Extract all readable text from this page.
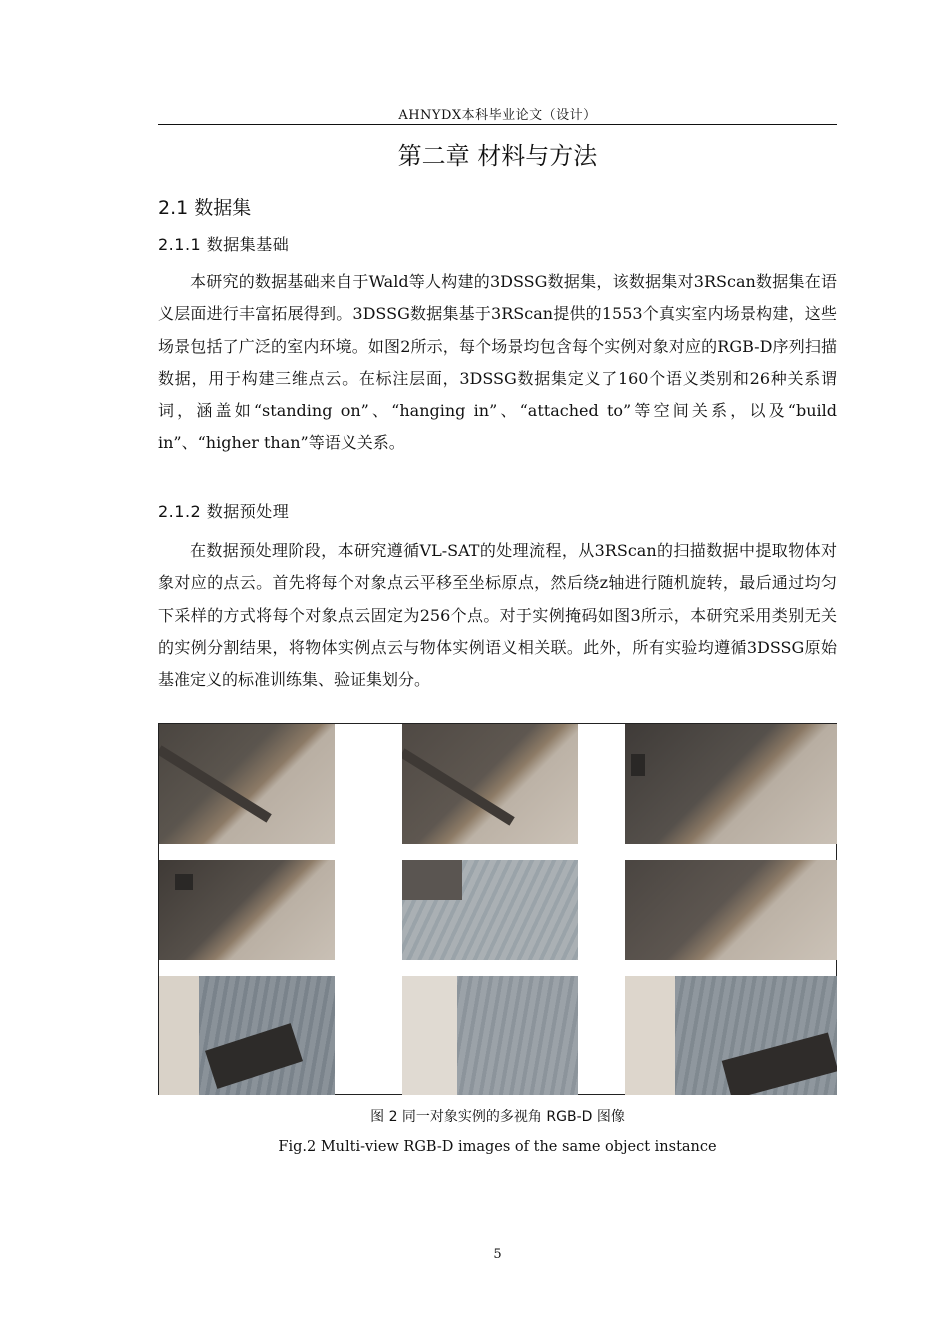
AHNYDX本科毕业论文（设计）
第二章 材料与方法
2.1 数据集
2.1.1 数据集基础

本研究的数据基础来自于Wald等人构建的3DSSG数据集，该数据集对3RScan数据集在语义层面进行丰富拓展得到。3DSSG数据集基于3RScan提供的1553个真实室内场景构建，这些场景包括了广泛的室内环境。如图2所示，每个场景均包含每个实例对象对应的RGB-D序列扫描数据，用于构建三维点云。在标注层面，3DSSG数据集定义了160个语义类别和26种关系谓词，涵盖如“standing on”、“hanging in”、“attached to”等空间关系，以及“build in”、“higher than”等语义关系。

2.1.2 数据预处理

在数据预处理阶段，本研究遵循VL-SAT的处理流程，从3RScan的扫描数据中提取物体对象对应的点云。首先将每个对象点云平移至坐标原点，然后绕z轴进行随机旋转，最后通过均匀下采样的方式将每个对象点云固定为256个点。对于实例掩码如图3所示，本研究采用类别无关的实例分割结果，将物体实例点云与物体实例语义相关联。此外，所有实验均遵循3DSSG原始基准定义的标准训练集、验证集划分。

图 2 同一对象实例的多视角 RGB-D 图像
Fig.2 Multi-view RGB-D images of the same object instance
5
